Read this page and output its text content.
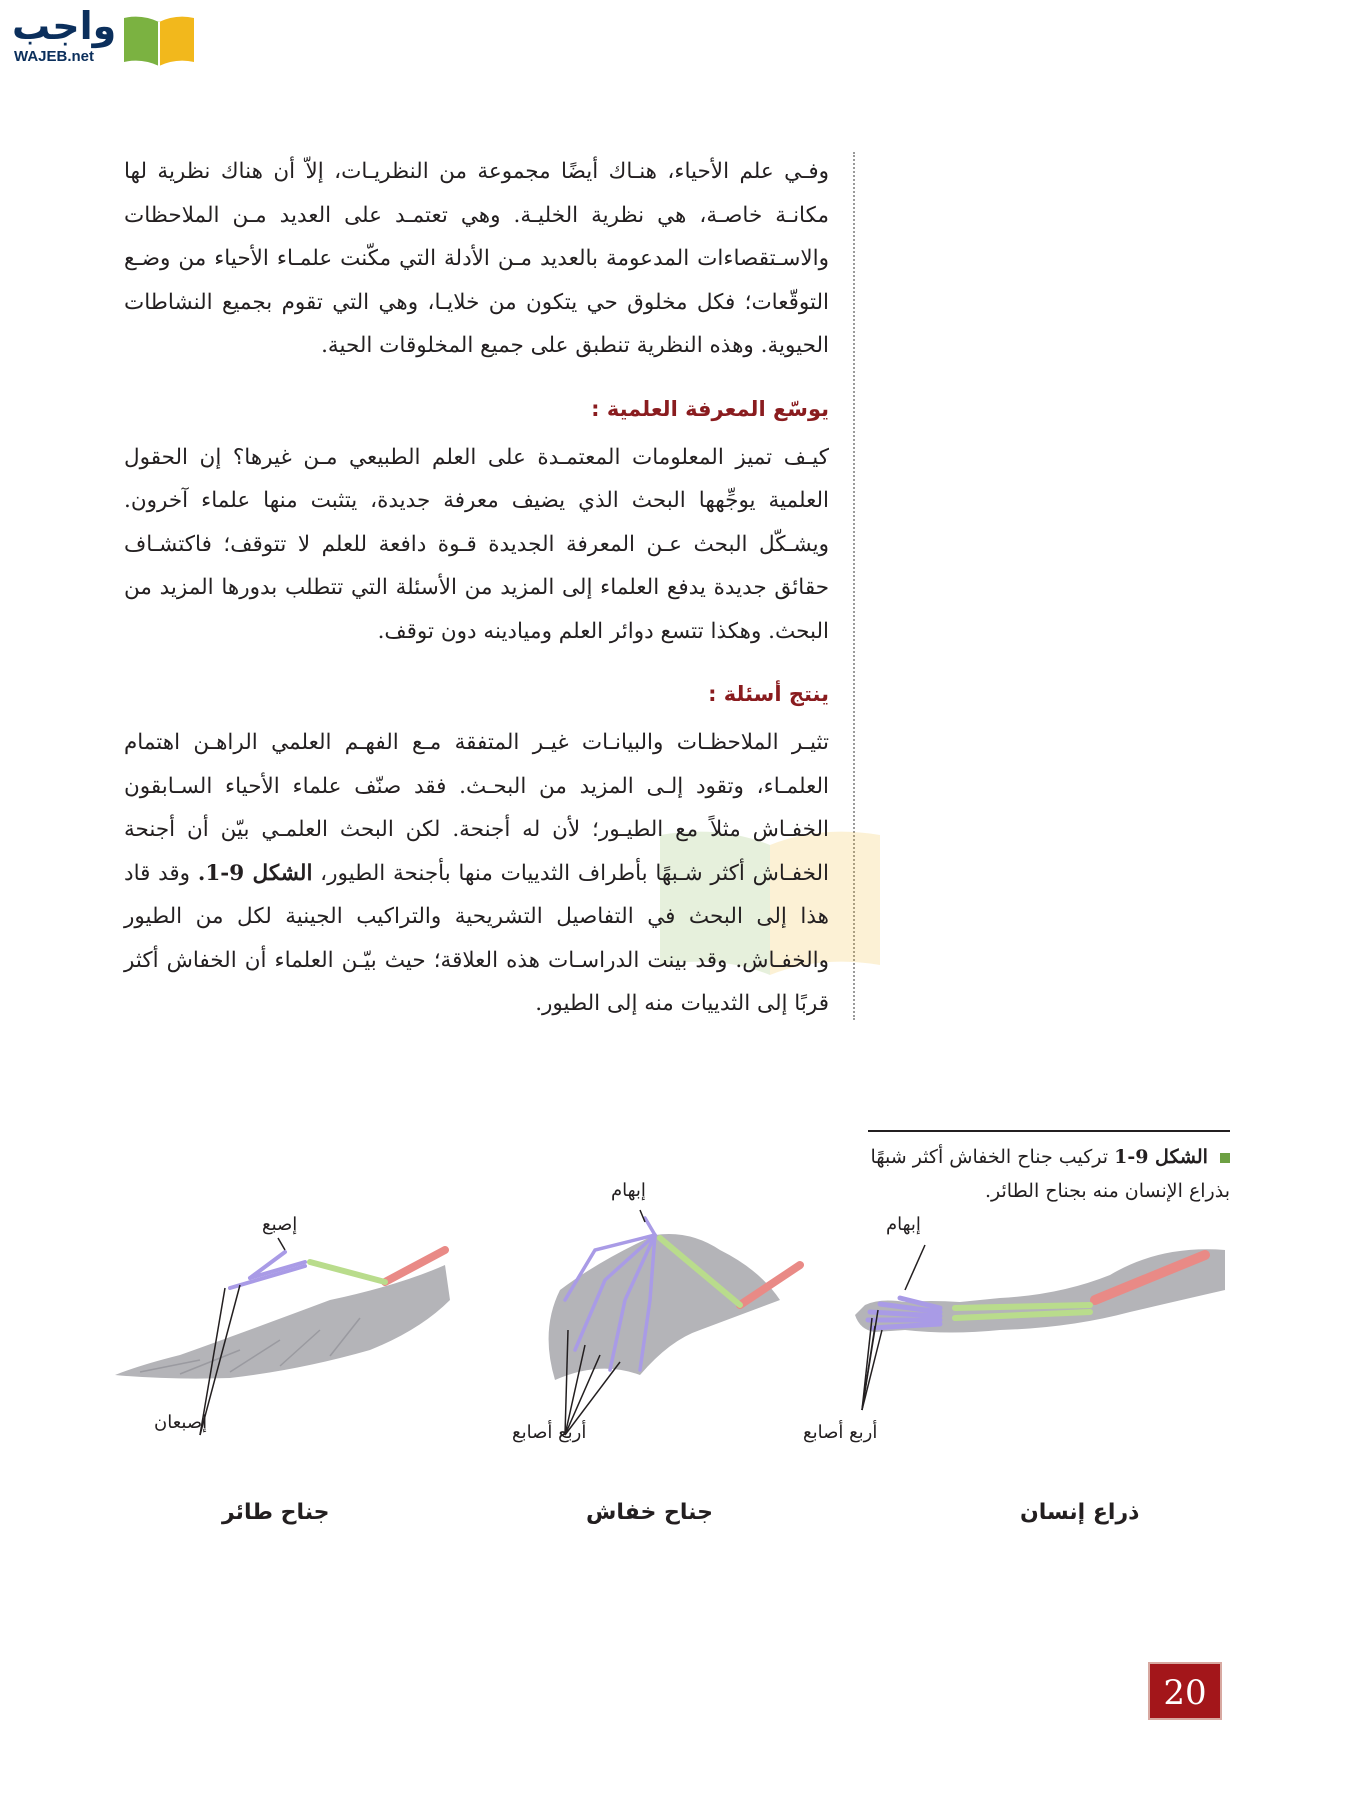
واجب
WAJEB.net

وفـي علم الأحياء، هنـاك أيضًا مجموعة من النظريـات، إلاّ أن هناك نظرية لها مكانـة خاصـة، هي نظرية الخليـة. وهي تعتمـد على العديد مـن الملاحظات والاسـتقصاءات المدعومة بالعديد مـن الأدلة التي مكّنت علمـاء الأحياء من وضـع التوقّعات؛ فكل مخلوق حي يتكون من خلايـا، وهي التي تقوم بجميع النشاطات الحيوية. وهذه النظرية تنطبق على جميع المخلوقات الحية.

يوسّع المعرفة العلمية :

كيـف تميز المعلومات المعتمـدة على العلم الطبيعي مـن غيرها؟ إن الحقول العلمية يوجِّهها البحث الذي يضيف معرفة جديدة، يتثبت منها علماء آخرون. ويشـكّل البحث عـن المعرفة الجديدة قـوة دافعة للعلم لا تتوقف؛ فاكتشـاف حقائق جديدة يدفع العلماء إلى المزيد من الأسئلة التي تتطلب بدورها المزيد من البحث. وهكذا تتسع دوائر العلم وميادينه دون توقف.

ينتج أسئلة :

تثيـر الملاحظـات والبيانـات غيـر المتفقة مـع الفهـم العلمي الراهـن اهتمام العلمـاء، وتقود إلـى المزيد من البحـث. فقد صنّف علماء الأحياء السـابقون الخفـاش مثلاً مع الطيـور؛ لأن له أجنحة. لكن البحث العلمـي بيّن أن أجنحة الخفـاش أكثر شـبهًا بأطراف الثدييات منها بأجنحة الطيور، الشكل 9-1. وقد قاد هذا إلى البحث في التفاصيل التشريحية والتراكيب الجينية لكل من الطيور والخفـاش. وقد بينت الدراسـات هذه العلاقة؛ حيث بيّـن العلماء أن الخفاش أكثر قربًا إلى الثدييات منه إلى الطيور.

الشكل 9-1 تركيب جناح الخفاش أكثر شبهًا بذراع الإنسان منه بجناح الطائر.
إبهام
أربع أصابع
ذراع إنسان
إبهام
أربع أصابع
جناح خفاش
إصبع
إصبعان
جناح طائر
20
